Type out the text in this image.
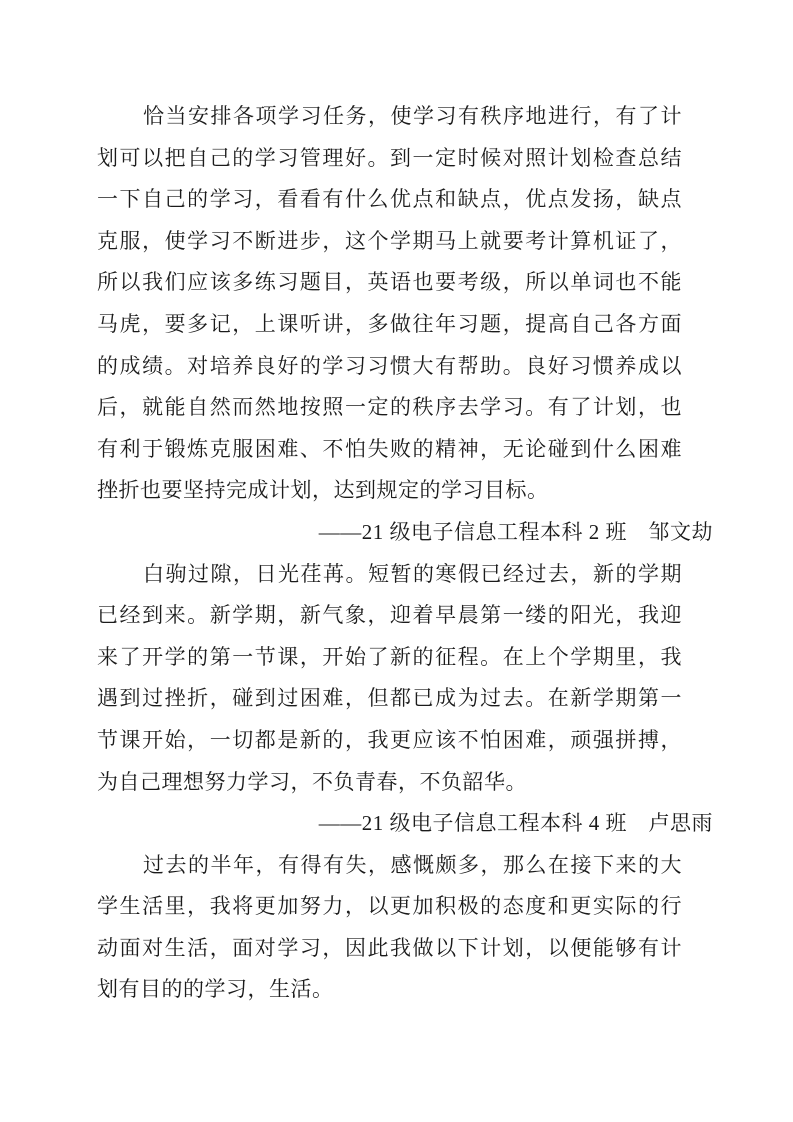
恰当安排各项学习任务，使学习有秩序地进行，有了计
划可以把自己的学习管理好。到一定时候对照计划检查总结
一下自己的学习，看看有什么优点和缺点，优点发扬，缺点
克服，使学习不断进步，这个学期马上就要考计算机证了，
所以我们应该多练习题目，英语也要考级，所以单词也不能
马虎，要多记，上课听讲，多做往年习题，提高自己各方面
的成绩。对培养良好的学习习惯大有帮助。良好习惯养成以
后，就能自然而然地按照一定的秩序去学习。有了计划，也
有利于锻炼克服困难、不怕失败的精神，无论碰到什么困难
挫折也要坚持完成计划，达到规定的学习目标。
——21 级电子信息工程本科 2 班　邹文劫
白驹过隙，日光荏苒。短暂的寒假已经过去，新的学期
已经到来。新学期，新气象，迎着早晨第一缕的阳光，我迎
来了开学的第一节课，开始了新的征程。在上个学期里，我
遇到过挫折，碰到过困难，但都已成为过去。在新学期第一
节课开始，一切都是新的，我更应该不怕困难，顽强拼搏，
为自己理想努力学习，不负青春，不负韶华。
——21 级电子信息工程本科 4 班　卢思雨
过去的半年，有得有失，感慨颇多，那么在接下来的大
学生活里，我将更加努力，以更加积极的态度和更实际的行
动面对生活，面对学习，因此我做以下计划，以便能够有计
划有目的的学习，生活。
